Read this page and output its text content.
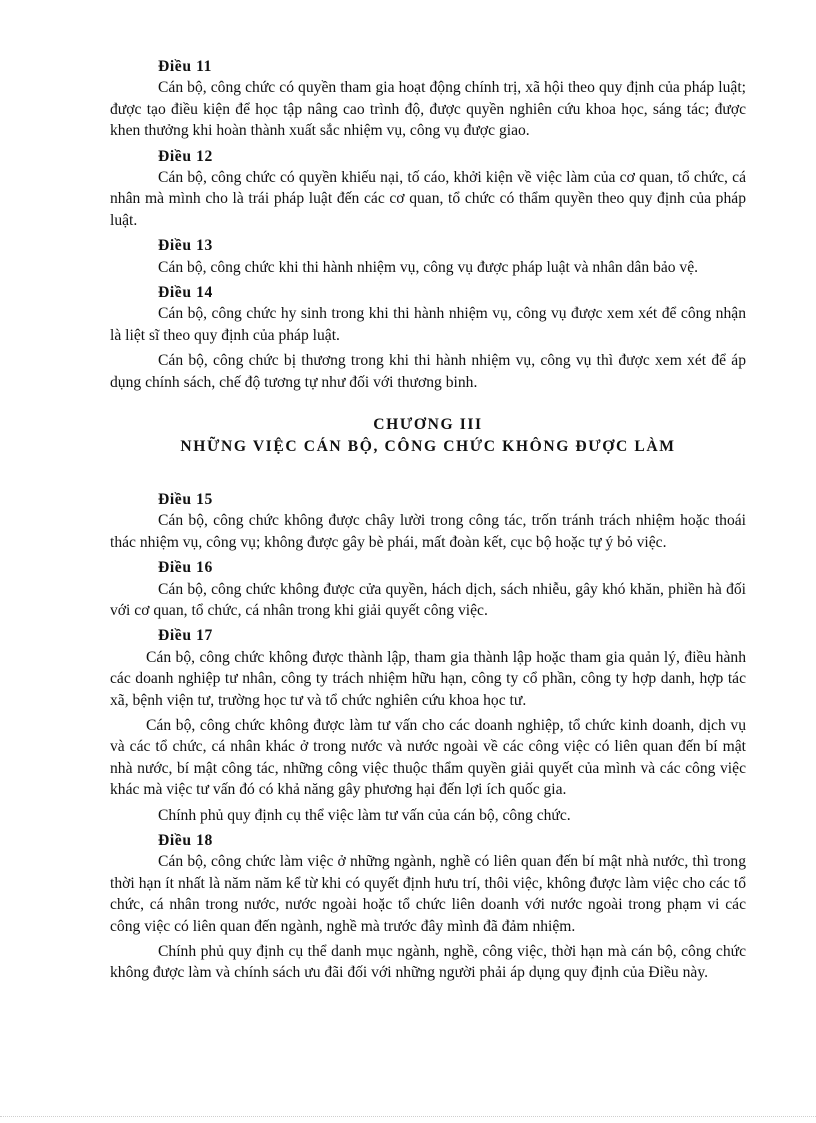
Điều 11

Cán bộ, công chức có quyền tham gia hoạt động chính trị, xã hội theo quy định của pháp luật; được tạo điều kiện để học tập nâng cao trình độ, được quyền nghiên cứu khoa học, sáng tác; được khen thưởng khi hoàn thành xuất sắc nhiệm vụ, công vụ được giao.

Điều 12

Cán bộ, công chức có quyền khiếu nại, tố cáo, khởi kiện về việc làm của cơ quan, tổ chức, cá nhân mà mình cho là trái pháp luật đến các cơ quan, tổ chức có thẩm quyền theo quy định của pháp luật.

Điều 13

Cán bộ, công chức khi thi hành nhiệm vụ, công vụ được pháp luật và nhân dân bảo vệ.

Điều 14

Cán bộ, công chức hy sinh trong khi thi hành nhiệm vụ, công vụ được xem xét để công nhận là liệt sĩ theo quy định của pháp luật.

Cán bộ, công chức bị thương trong khi thi hành nhiệm vụ, công vụ thì được xem xét để áp dụng chính sách, chế độ tương tự như đối với thương binh.

CHƯƠNG III
NHỮNG VIỆC CÁN BỘ, CÔNG CHỨC KHÔNG ĐƯỢC LÀM
Điều 15

Cán bộ, công chức không được chây lười trong công tác, trốn tránh trách nhiệm hoặc thoái thác nhiệm vụ, công vụ; không được gây bè phái, mất đoàn kết, cục bộ hoặc tự ý bỏ việc.

Điều 16

Cán bộ, công chức không được cửa quyền, hách dịch, sách nhiễu, gây khó khăn, phiền hà đối với cơ quan, tổ chức, cá nhân trong khi giải quyết công việc.

Điều 17

Cán bộ, công chức không được thành lập, tham gia thành lập hoặc tham gia quản lý, điều hành các doanh nghiệp tư nhân, công ty trách nhiệm hữu hạn, công ty cổ phần, công ty hợp danh, hợp tác xã, bệnh viện tư, trường học tư và tổ chức nghiên cứu khoa học tư.

Cán bộ, công chức không được làm tư vấn cho các doanh nghiệp, tổ chức kinh doanh, dịch vụ và các tổ chức, cá nhân khác ở trong nước và nước ngoài về các công việc có liên quan đến bí mật nhà nước, bí mật công tác, những công việc thuộc thẩm quyền giải quyết của mình và các công việc khác mà việc tư vấn đó có khả năng gây phương hại đến lợi ích quốc gia.

Chính phủ quy định cụ thể việc làm tư vấn của cán bộ, công chức.

Điều 18

Cán bộ, công chức làm việc ở những ngành, nghề có liên quan đến bí mật nhà nước, thì trong thời hạn ít nhất là năm năm kể từ khi có quyết định hưu trí, thôi việc, không được làm việc cho các tổ chức, cá nhân trong nước, nước ngoài hoặc tổ chức liên doanh với nước ngoài trong phạm vi các công việc có liên quan đến ngành, nghề mà trước đây mình đã đảm nhiệm.

Chính phủ quy định cụ thể danh mục ngành, nghề, công việc, thời hạn mà cán bộ, công chức không được làm và chính sách ưu đãi đối với những người phải áp dụng quy định của Điều này.
